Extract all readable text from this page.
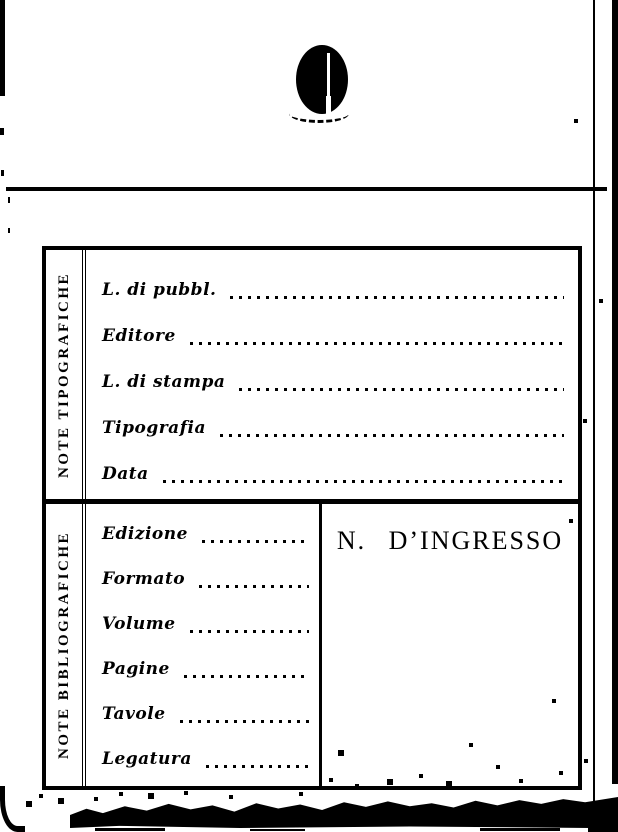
NOTE TIPOGRAFICHE L. di pubbl.
Editore
L. di stampa
Tipografia
Data
NOTE BIBLIOGRAFICHE Edizione
Formato
Volume
Pagine
Tavole
Legatura
N. D’INGRESSO
